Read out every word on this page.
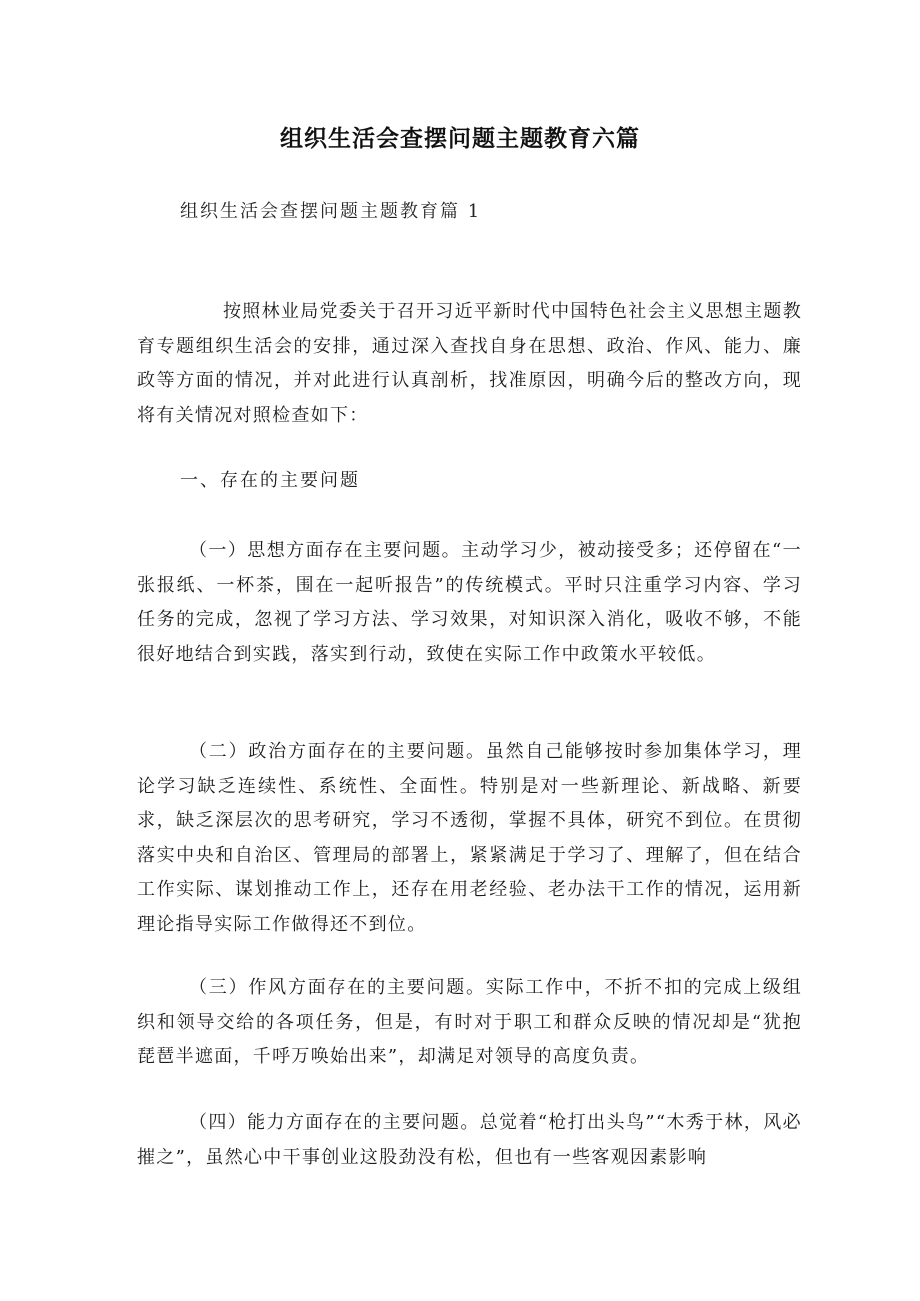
组织生活会查摆问题主题教育六篇
组织生活会查摆问题主题教育篇 1

按照林业局党委关于召开习近平新时代中国特色社会主义思想主题教育专题组织生活会的安排，通过深入查找自身在思想、政治、作风、能力、廉政等方面的情况，并对此进行认真剖析，找准原因，明确今后的整改方向，现将有关情况对照检查如下：

一、存在的主要问题

（一）思想方面存在主要问题。主动学习少，被动接受多；还停留在“一张报纸、一杯茶，围在一起听报告”的传统模式。平时只注重学习内容、学习任务的完成，忽视了学习方法、学习效果，对知识深入消化，吸收不够，不能很好地结合到实践，落实到行动，致使在实际工作中政策水平较低。

（二）政治方面存在的主要问题。虽然自己能够按时参加集体学习，理论学习缺乏连续性、系统性、全面性。特别是对一些新理论、新战略、新要求，缺乏深层次的思考研究，学习不透彻，掌握不具体，研究不到位。在贯彻落实中央和自治区、管理局的部署上，紧紧满足于学习了、理解了，但在结合工作实际、谋划推动工作上，还存在用老经验、老办法干工作的情况，运用新理论指导实际工作做得还不到位。

（三）作风方面存在的主要问题。实际工作中，不折不扣的完成上级组织和领导交给的各项任务，但是，有时对于职工和群众反映的情况却是“犹抱琵琶半遮面，千呼万唤始出来”，却满足对领导的高度负责。

（四）能力方面存在的主要问题。总觉着“枪打出头鸟”“木秀于林，风必摧之”，虽然心中干事创业这股劲没有松，但也有一些客观因素影响
